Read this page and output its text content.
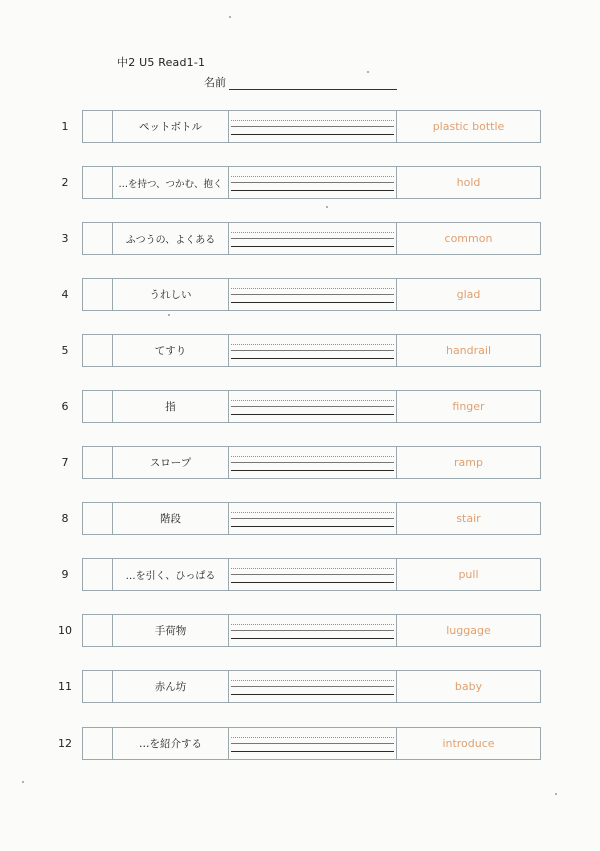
中2 U5 Read1-1
名前
1	ペットボトル	plastic bottle
2	…を持つ、つかむ、抱く	hold
3	ふつうの、よくある	common
4	うれしい	glad
5	てすり	handrail
6	指	finger
7	スロープ	ramp
8	階段	stair
9	…を引く、ひっぱる	pull
10	手荷物	luggage
11	赤ん坊	baby
12	…を紹介する	introduce
